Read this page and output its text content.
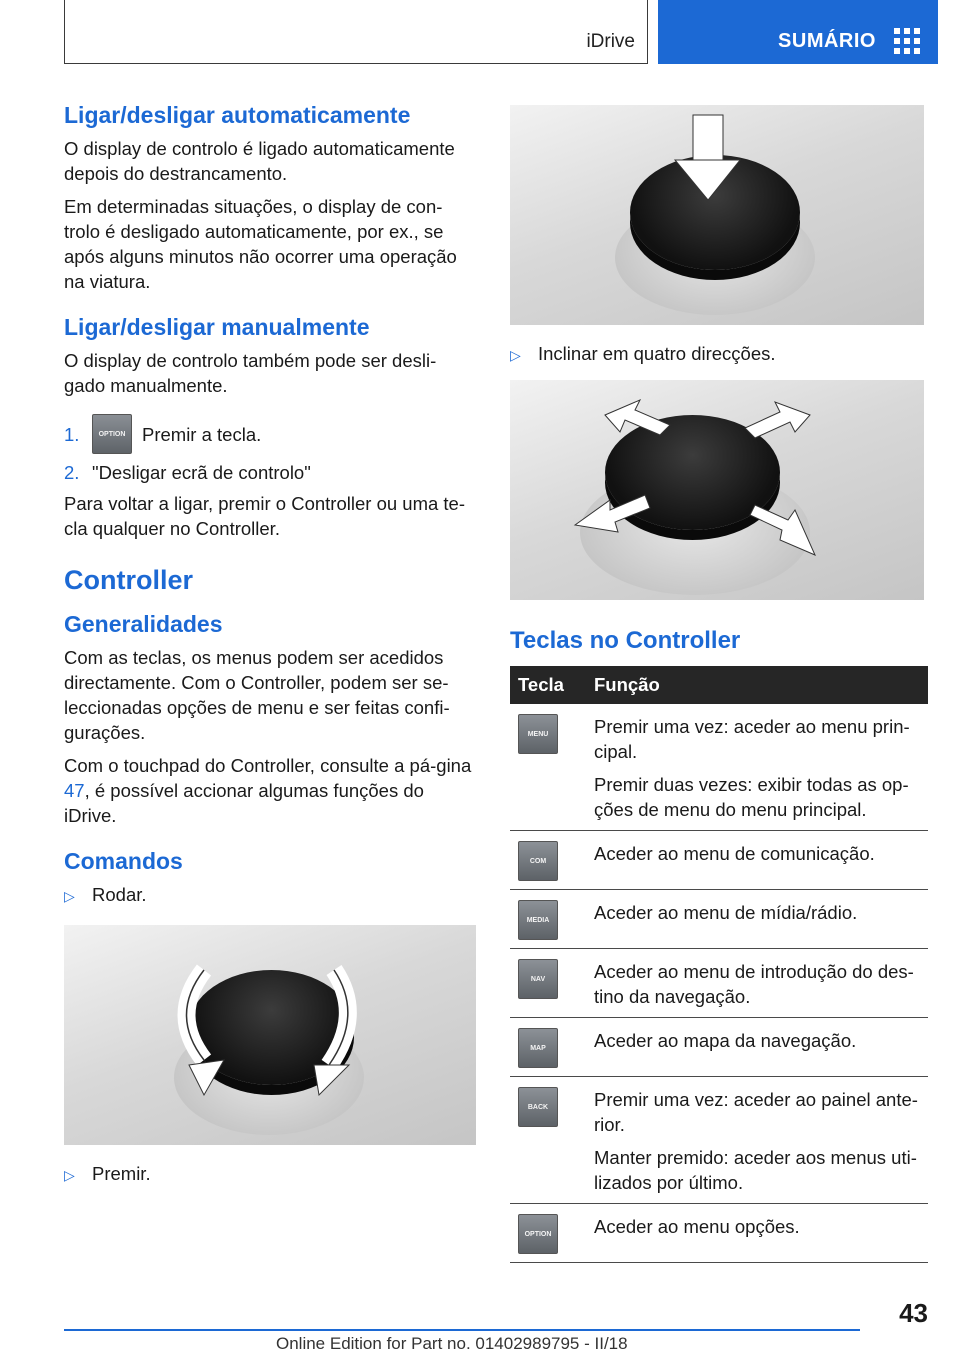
iDrive	SUMÁRIO
Ligar/desligar automaticamente

O display de controlo é ligado automaticamente depois do destrancamento.

Em determinadas situações, o display de con-trolo é desligado automaticamente, por ex., se após alguns minutos não ocorrer uma operação na viatura.

Ligar/desligar manualmente

O display de controlo também pode ser desli-gado manualmente.

1.	OPTION Premir a tecla.
2. "Desligar ecrã de controlo"

Para voltar a ligar, premir o Controller ou uma te-cla qualquer no Controller.

Controller
Generalidades

Com as teclas, os menus podem ser acedidos directamente. Com o Controller, podem ser se-leccionadas opções de menu e ser feitas confi-gurações.

Com o touchpad do Controller, consulte a pá-gina 47, é possível accionar algumas funções do iDrive.

Comandos
▷ Rodar.
▷ Premir.
▷ Inclinar em quatro direcções.
Teclas no Controller
Tecla	Função

MENU	Premir uma vez: aceder ao menu prin-cipal.

Premir duas vezes: exibir todas as op-ções de menu do menu principal.

COM	Aceder ao menu de comunicação.

MEDIA	Aceder ao menu de mídia/rádio.

NAV	Aceder ao menu de introdução do des-tino da navegação.

MAP	Aceder ao mapa da navegação.

BACK	Premir uma vez: aceder ao painel ante-rior.

Manter premido: aceder aos menus uti-lizados por último.

OPTION	Aceder ao menu opções.

43
Online Edition for Part no. 01402989795 - II/18
